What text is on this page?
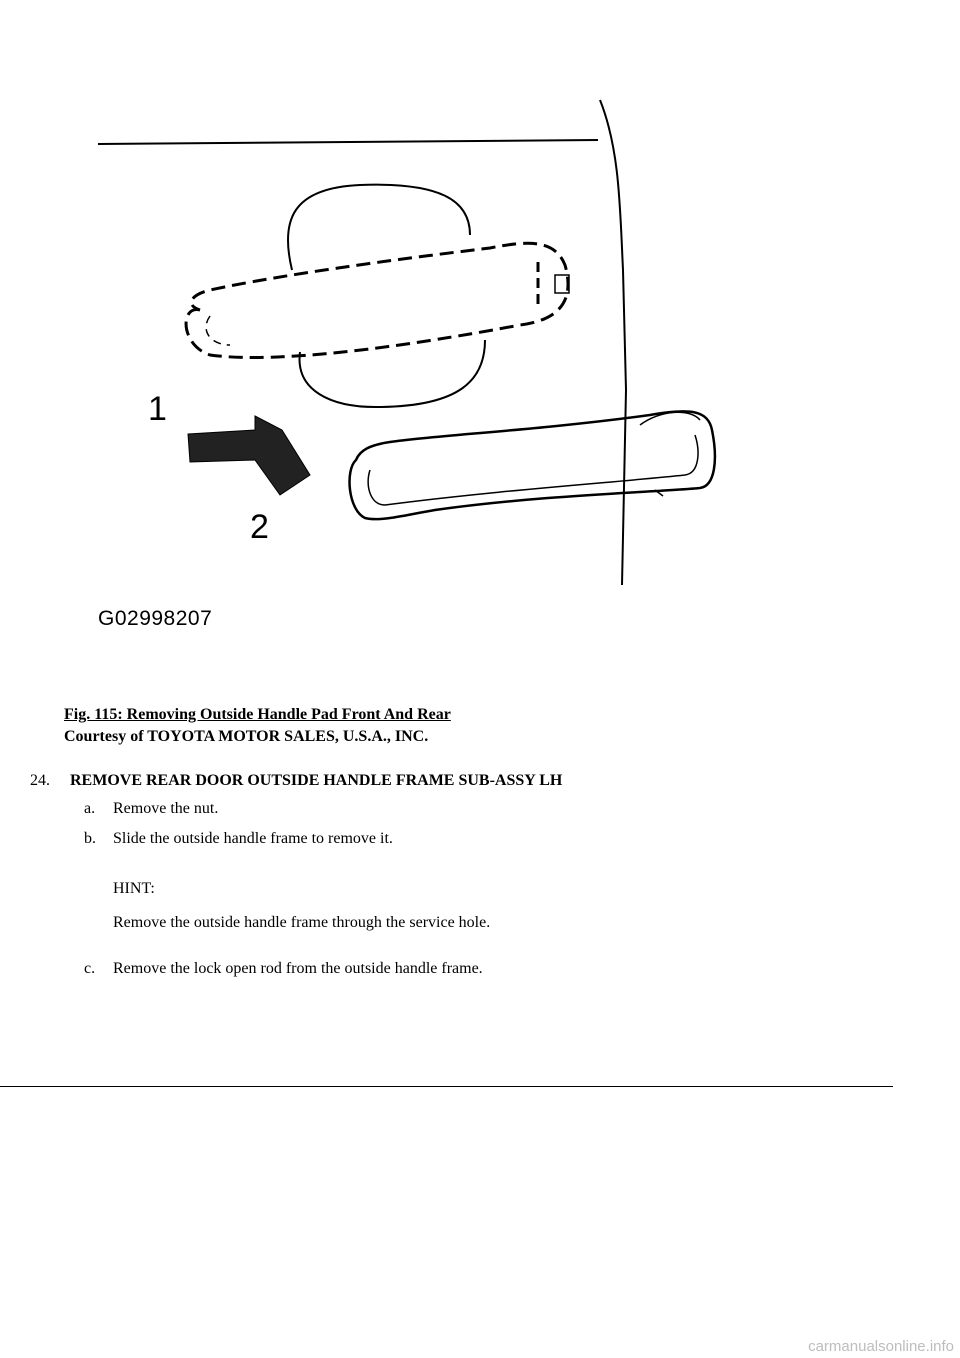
1
2
G02998207
Fig. 115: Removing Outside Handle Pad Front And Rear
Courtesy of TOYOTA MOTOR SALES, U.S.A., INC.
24. REMOVE REAR DOOR OUTSIDE HANDLE FRAME SUB-ASSY LH
a. Remove the nut.
b. Slide the outside handle frame to remove it.
HINT:
Remove the outside handle frame through the service hole.
c. Remove the lock open rod from the outside handle frame.
carmanualsonline.info
